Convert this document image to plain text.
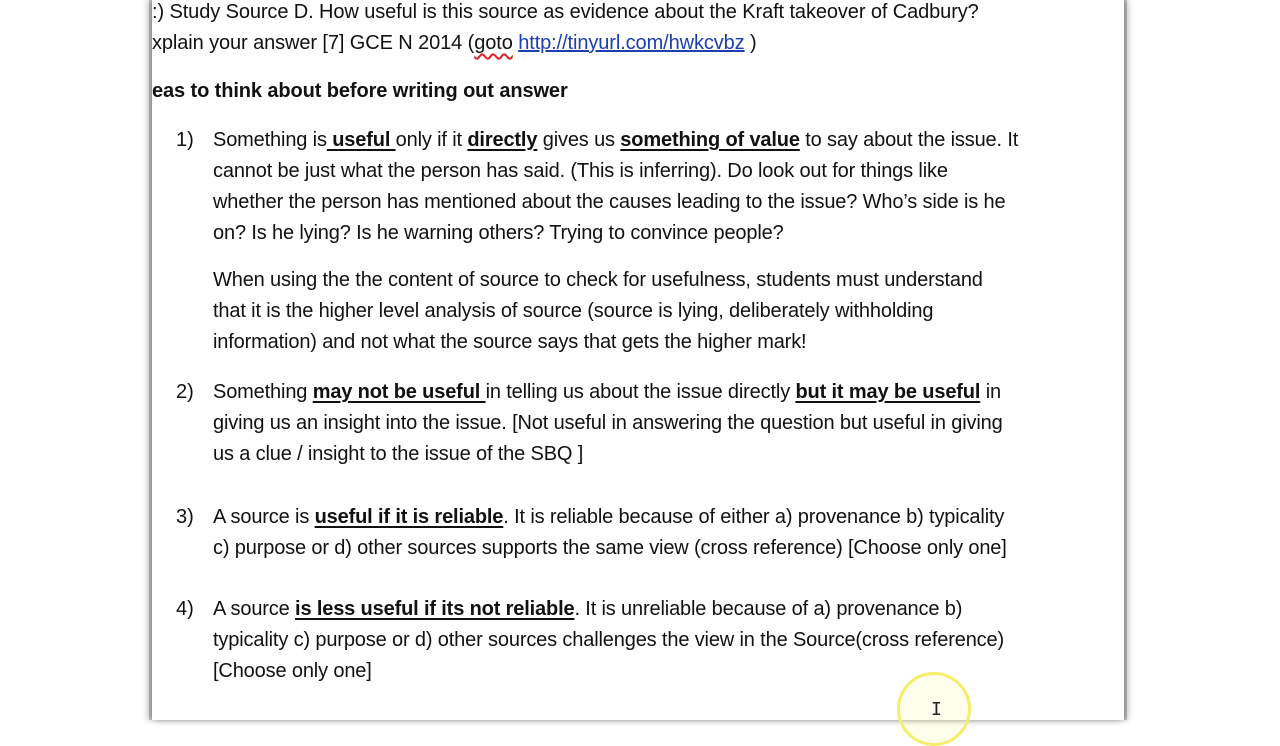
:) Study Source D. How useful is this source as evidence about the Kraft takeover of Cadbury?
xplain your answer [7] GCE N 2014 (goto http://tinyurl.com/hwkcvbz )
eas to think about before writing out answer
1) Something is useful only if it directly gives us something of value to say about the issue. It
cannot be just what the person has said. (This is inferring). Do look out for things like
whether the person has mentioned about the causes leading to the issue? Who’s side is he
on? Is he lying? Is he warning others? Trying to convince people?
When using the the content of source to check for usefulness, students must understand
that it is the higher level analysis of source (source is lying, deliberately withholding
information) and not what the source says that gets the higher mark!
2) Something may not be useful in telling us about the issue directly but it may be useful in
giving us an insight into the issue. [Not useful in answering the question but useful in giving
us a clue / insight to the issue of the SBQ ]
3) A source is useful if it is reliable. It is reliable because of either a) provenance b) typicality
c) purpose or d) other sources supports the same view (cross reference) [Choose only one]
4) A source is less useful if its not reliable. It is unreliable because of a) provenance b)
typicality c) purpose or d) other sources challenges the view in the Source(cross reference)
[Choose only one]
I
